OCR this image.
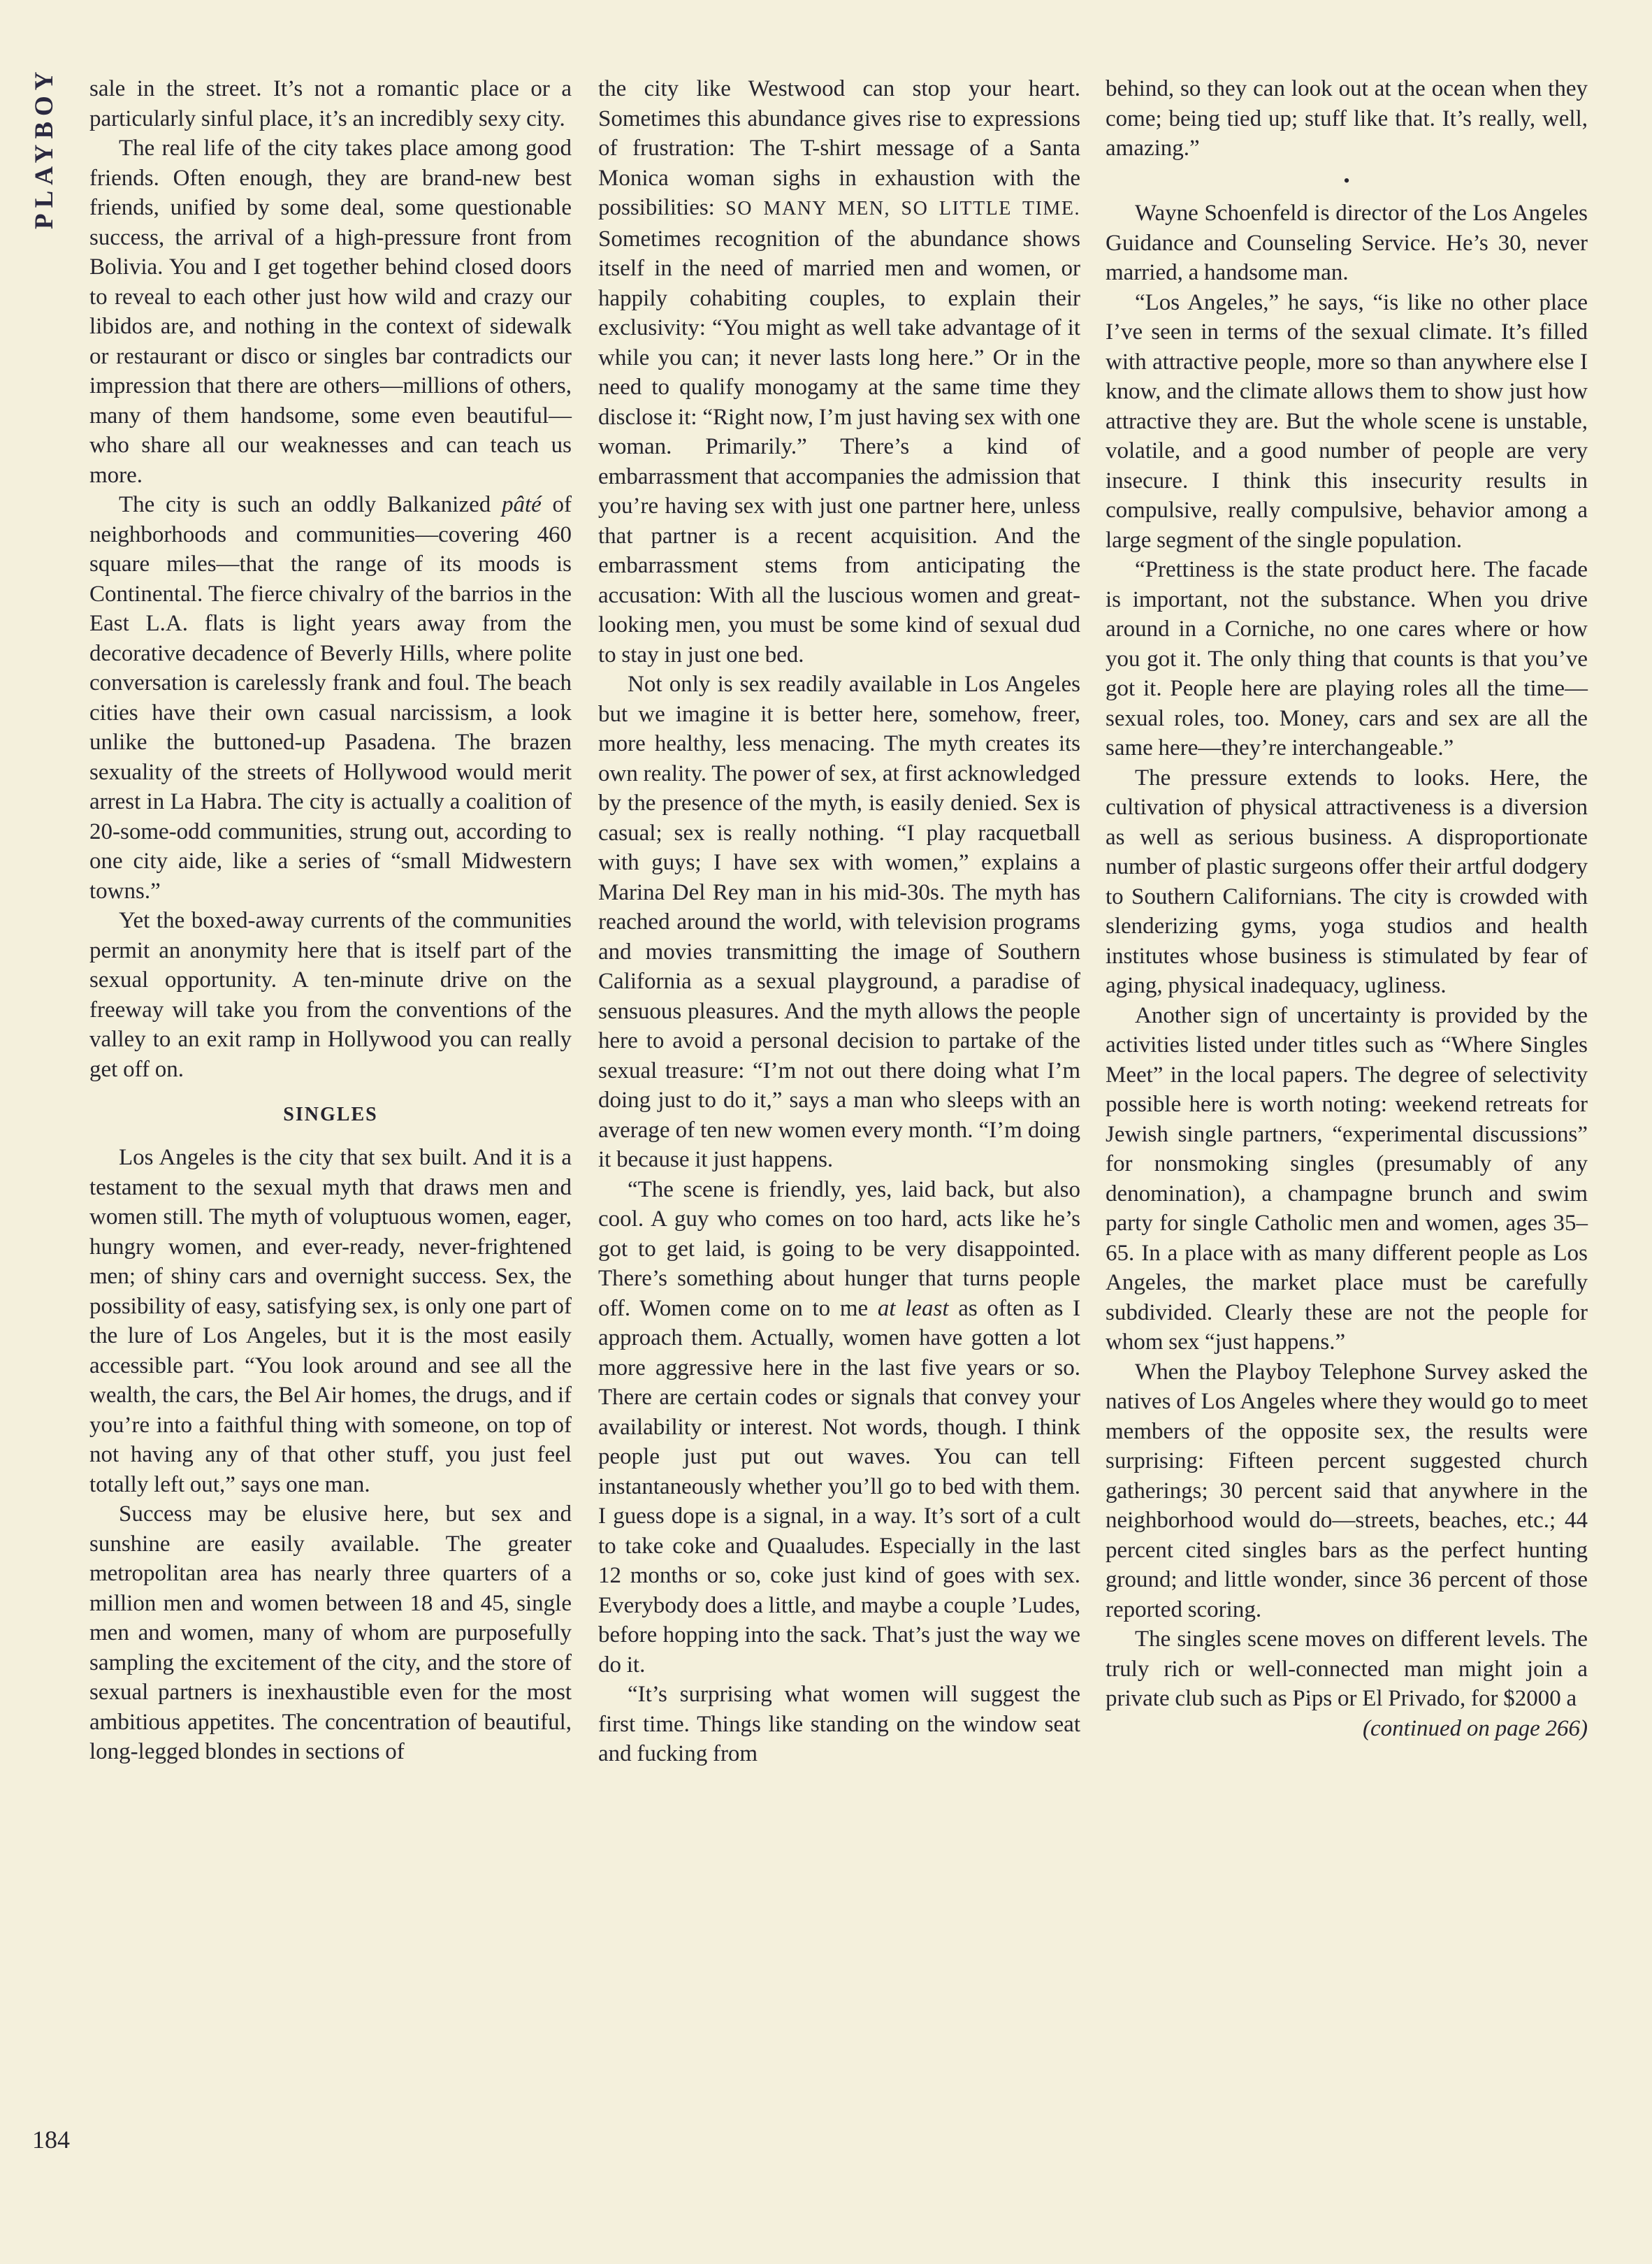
PLAYBOY sale in the street. It’s not a romantic place or a particularly sinful place, it’s an incredibly sexy city.

The real life of the city takes place among good friends. Often enough, they are brand-new best friends, unified by some deal, some questionable success, the arrival of a high-pressure front from Bolivia. You and I get together behind closed doors to reveal to each other just how wild and crazy our libidos are, and nothing in the context of sidewalk or restaurant or disco or singles bar contradicts our impression that there are others—millions of others, many of them handsome, some even beautiful—who share all our weaknesses and can teach us more.

The city is such an oddly Balkanized pâté of neighborhoods and communities—covering 460 square miles—that the range of its moods is Continental. The fierce chivalry of the barrios in the East L.A. flats is light years away from the decorative decadence of Beverly Hills, where polite conversation is carelessly frank and foul. The beach cities have their own casual narcissism, a look unlike the buttoned-up Pasadena. The brazen sexuality of the streets of Hollywood would merit arrest in La Habra. The city is actually a coalition of 20-some-odd communities, strung out, according to one city aide, like a series of “small Midwestern towns.”

Yet the boxed-away currents of the communities permit an anonymity here that is itself part of the sexual opportunity. A ten-minute drive on the freeway will take you from the conventions of the valley to an exit ramp in Hollywood you can really get off on.

SINGLES

Los Angeles is the city that sex built. And it is a testament to the sexual myth that draws men and women still. The myth of voluptuous women, eager, hungry women, and ever-ready, never-frightened men; of shiny cars and overnight success. Sex, the possibility of easy, satisfying sex, is only one part of the lure of Los Angeles, but it is the most easily accessible part. “You look around and see all the wealth, the cars, the Bel Air homes, the drugs, and if you’re into a faithful thing with someone, on top of not having any of that other stuff, you just feel totally left out,” says one man.

Success may be elusive here, but sex and sunshine are easily available. The greater metropolitan area has nearly three quarters of a million men and women between 18 and 45, single men and women, many of whom are purposefully sampling the excitement of the city, and the store of sexual partners is inexhaustible even for the most ambitious appetites. The concentration of beautiful, long-legged blondes in sections of

the city like Westwood can stop your heart. Sometimes this abundance gives rise to expressions of frustration: The T-shirt message of a Santa Monica woman sighs in exhaustion with the possibilities: SO MANY MEN, SO LITTLE TIME. Sometimes recognition of the abundance shows itself in the need of married men and women, or happily cohabiting couples, to explain their exclusivity: “You might as well take advantage of it while you can; it never lasts long here.” Or in the need to qualify monogamy at the same time they disclose it: “Right now, I’m just having sex with one woman. Primarily.” There’s a kind of embarrassment that accompanies the admission that you’re having sex with just one partner here, unless that partner is a recent acquisition. And the embarrassment stems from anticipating the accusation: With all the luscious women and great-looking men, you must be some kind of sexual dud to stay in just one bed.

Not only is sex readily available in Los Angeles but we imagine it is better here, somehow, freer, more healthy, less menacing. The myth creates its own reality. The power of sex, at first acknowledged by the presence of the myth, is easily denied. Sex is casual; sex is really nothing. “I play racquetball with guys; I have sex with women,” explains a Marina Del Rey man in his mid-30s. The myth has reached around the world, with television programs and movies transmitting the image of Southern California as a sexual playground, a paradise of sensuous pleasures. And the myth allows the people here to avoid a personal decision to partake of the sexual treasure: “I’m not out there doing what I’m doing just to do it,” says a man who sleeps with an average of ten new women every month. “I’m doing it because it just happens.

“The scene is friendly, yes, laid back, but also cool. A guy who comes on too hard, acts like he’s got to get laid, is going to be very disappointed. There’s something about hunger that turns people off. Women come on to me at least as often as I approach them. Actually, women have gotten a lot more aggressive here in the last five years or so. There are certain codes or signals that convey your availability or interest. Not words, though. I think people just put out waves. You can tell instantaneously whether you’ll go to bed with them. I guess dope is a signal, in a way. It’s sort of a cult to take coke and Quaaludes. Especially in the last 12 months or so, coke just kind of goes with sex. Everybody does a little, and maybe a couple ’Ludes, before hopping into the sack. That’s just the way we do it.

“It’s surprising what women will suggest the first time. Things like standing on the window seat and fucking from

behind, so they can look out at the ocean when they come; being tied up; stuff like that. It’s really, well, amazing.”

•

Wayne Schoenfeld is director of the Los Angeles Guidance and Counseling Service. He’s 30, never married, a handsome man.

“Los Angeles,” he says, “is like no other place I’ve seen in terms of the sexual climate. It’s filled with attractive people, more so than anywhere else I know, and the climate allows them to show just how attractive they are. But the whole scene is unstable, volatile, and a good number of people are very insecure. I think this insecurity results in compulsive, really compulsive, behavior among a large segment of the single population.

“Prettiness is the state product here. The facade is important, not the substance. When you drive around in a Corniche, no one cares where or how you got it. The only thing that counts is that you’ve got it. People here are playing roles all the time—sexual roles, too. Money, cars and sex are all the same here—they’re interchangeable.”

The pressure extends to looks. Here, the cultivation of physical attractiveness is a diversion as well as serious business. A disproportionate number of plastic surgeons offer their artful dodgery to Southern Californians. The city is crowded with slenderizing gyms, yoga studios and health institutes whose business is stimulated by fear of aging, physical inadequacy, ugliness.

Another sign of uncertainty is provided by the activities listed under titles such as “Where Singles Meet” in the local papers. The degree of selectivity possible here is worth noting: weekend retreats for Jewish single partners, “experimental discussions” for nonsmoking singles (presumably of any denomination), a champagne brunch and swim party for single Catholic men and women, ages 35–65. In a place with as many different people as Los Angeles, the market place must be carefully subdivided. Clearly these are not the people for whom sex “just happens.”

When the Playboy Telephone Survey asked the natives of Los Angeles where they would go to meet members of the opposite sex, the results were surprising: Fifteen percent suggested church gatherings; 30 percent said that anywhere in the neighborhood would do—streets, beaches, etc.; 44 percent cited singles bars as the perfect hunting ground; and little wonder, since 36 percent of those reported scoring.

The singles scene moves on different levels. The truly rich or well-connected man might join a private club such as Pips or El Privado, for $2000 a

(continued on page 266)
184
